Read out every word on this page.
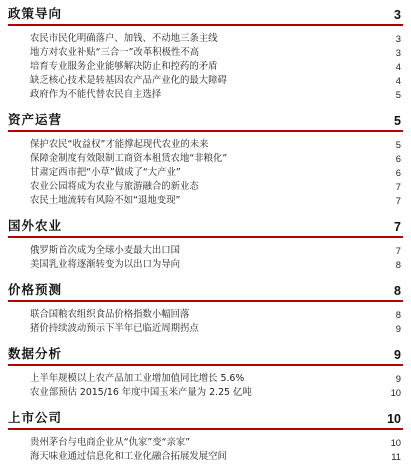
政策导向	3
农民市民化明确落户、加钱、不动地三条主线	3
地方对农业补贴“三合一”改革积极性不高	3
培育专业服务企业能够解决防止和控药的矛盾	4
缺乏核心技术是转基因农产品产业化的最大障碍	4
政府作为不能代替农民自主选择	5
资产运营	5
保护农民“收益权”才能撑起现代农业的未来	5
保障金制度有效限制工商资本租赁农地“非粮化”	6
甘肃定西市把“小草”做成了“大产业”	6
农业公园将成为农业与旅游融合的新业态	7
农民土地流转有风险不如“退地变现”	7
国外农业	7
俄罗斯首次成为全球小麦最大出口国	7
美国乳业将逐渐转变为以出口为导向	8
价格预测	8
联合国粮农组织食品价格指数小幅回落	8
猪价持续波动预示下半年已临近周期拐点	9
数据分析	9
上半年规模以上农产品加工业增加值同比增长 5.6%	9
农业部预估 2015/16 年度中国玉米产量为 2.25 亿吨	10
上市公司	10
贵州茅台与电商企业从“仇家”变“亲家”	10
海天味业通过信息化和工业化融合拓展发展空间	11
